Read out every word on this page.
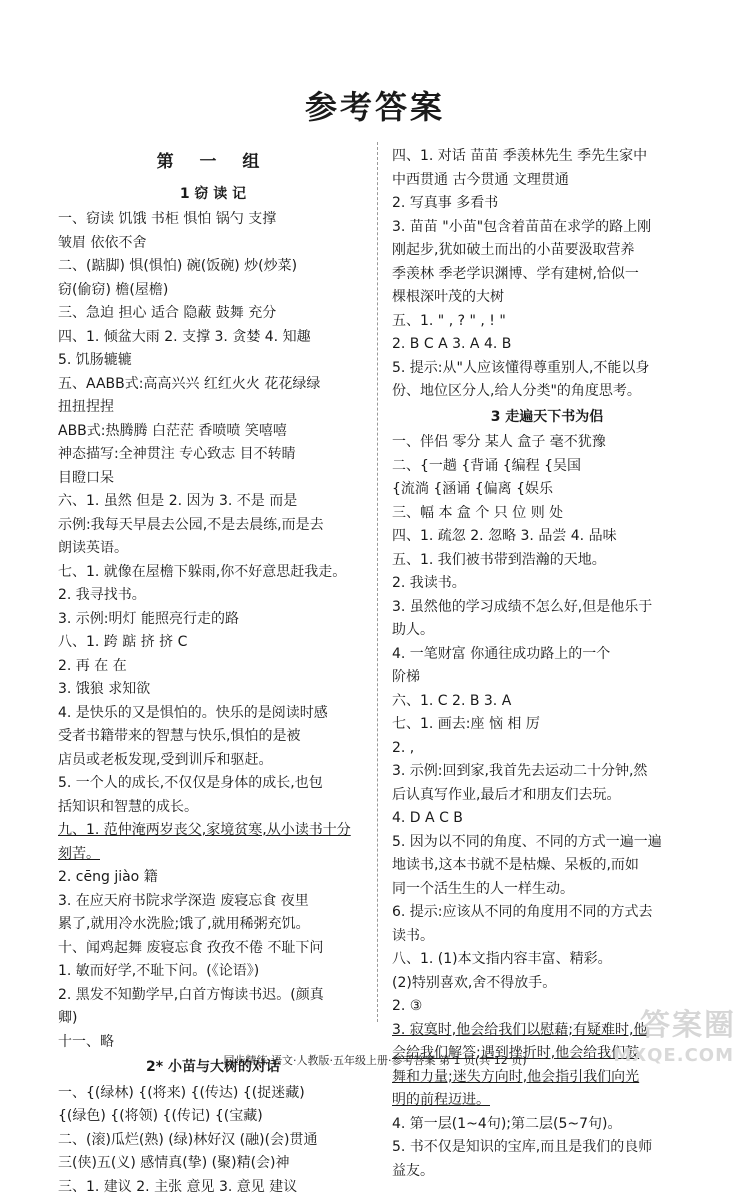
参考答案
第 一 组
1 窃 读 记
一、窃读 饥饿 书柜 惧怕 锅勺 支撑
皱眉 依依不舍
二、(踮脚) 惧(惧怕) 碗(饭碗) 炒(炒菜)
窃(偷窃) 檐(屋檐)
三、急迫 担心 适合 隐蔽 鼓舞 充分
四、1. 倾盆大雨 2. 支撑 3. 贪婪 4. 知趣
5. 饥肠辘辘
五、AABB式:高高兴兴 红红火火 花花绿绿
扭扭捏捏
ABB式:热腾腾 白茫茫 香喷喷 笑嘻嘻
神态描写:全神贯注 专心致志 目不转睛
目瞪口呆
六、1. 虽然 但是 2. 因为 3. 不是 而是
示例:我每天早晨去公园,不是去晨练,而是去
朗读英语。
七、1. 就像在屋檐下躲雨,你不好意思赶我走。
2. 我寻找书。
3. 示例:明灯 能照亮行走的路
八、1. 跨 踮 挤 挤 C
2. 再 在 在
3. 饿狼 求知欲
4. 是快乐的又是惧怕的。快乐的是阅读时感
受者书籍带来的智慧与快乐,惧怕的是被
店员或老板发现,受到训斥和驱赶。
5. 一个人的成长,不仅仅是身体的成长,也包
括知识和智慧的成长。
九、1. 范仲淹两岁丧父,家境贫寒,从小读书十分
刻苦。
2. cēng jiào 籍
3. 在应天府书院求学深造 废寝忘食 夜里
累了,就用冷水洗脸;饿了,就用稀粥充饥。
十、闻鸡起舞 废寝忘食 孜孜不倦 不耻下问
1. 敏而好学,不耻下问。(《论语》)
2. 黑发不知勤学早,白首方悔读书迟。(颜真
卿)
十一、略
2* 小苗与大树的对话
一、{(绿林) {(将来) {(传达) {(捉迷藏)
{(绿色) {(将领) {(传记) {(宝藏)
二、(滚)瓜烂(熟) (绿)林好汉 (融)(会)贯通
三(侠)五(义) 感情真(挚) (聚)精(会)神
三、1. 建议 2. 主张 意见 3. 意见 建议
四、1. 对话 苗苗 季羡林先生 季先生家中
中西贯通 古今贯通 文理贯通
2. 写真事 多看书
3. 苗苗 "小苗"包含着苗苗在求学的路上刚
刚起步,犹如破土而出的小苗要汲取营养
季羡林 季老学识渊博、学有建树,恰似一
棵根深叶茂的大树
五、1. " , ? " , ! "
2. B C A 3. A 4. B
5. 提示:从"人应该懂得尊重别人,不能以身
份、地位区分人,给人分类"的角度思考。
3 走遍天下书为侣
一、伴侣 零分 某人 盒子 毫不犹豫
二、{一趟 {背诵 {编程 {吴国
{流淌 {涵诵 {偏离 {娱乐
三、幅 本 盒 个 只 位 则 处
四、1. 疏忽 2. 忽略 3. 品尝 4. 品味
五、1. 我们被书带到浩瀚的天地。
2. 我读书。
3. 虽然他的学习成绩不怎么好,但是他乐于
助人。
4. 一笔财富 你通往成功路上的一个
阶梯
六、1. C 2. B 3. A
七、1. 画去:座 恼 相 厉
2. ,
3. 示例:回到家,我首先去运动二十分钟,然
后认真写作业,最后才和朋友们去玩。
4. D A C B
5. 因为以不同的角度、不同的方式一遍一遍
地读书,这本书就不是枯燥、呆板的,而如
同一个活生生的人一样生动。
6. 提示:应该从不同的角度用不同的方式去
读书。
八、1. (1)本文指内容丰富、精彩。
(2)特别喜欢,舍不得放手。
2. ③
3. 寂寞时,他会给我们以慰藉;有疑难时,他
会给我们解答;遇到挫折时,他会给我们鼓
舞和力量;迷失方向时,他会指引我们向光
明的前程迈进。
4. 第一层(1~4句);第二层(5~7句)。
5. 书不仅是知识的宝库,而且是我们的良师
益友。
同步精练·语文·人教版·五年级上册·参考答案 第 1 页(共 12 页)
答案圈
MXQE.COM
